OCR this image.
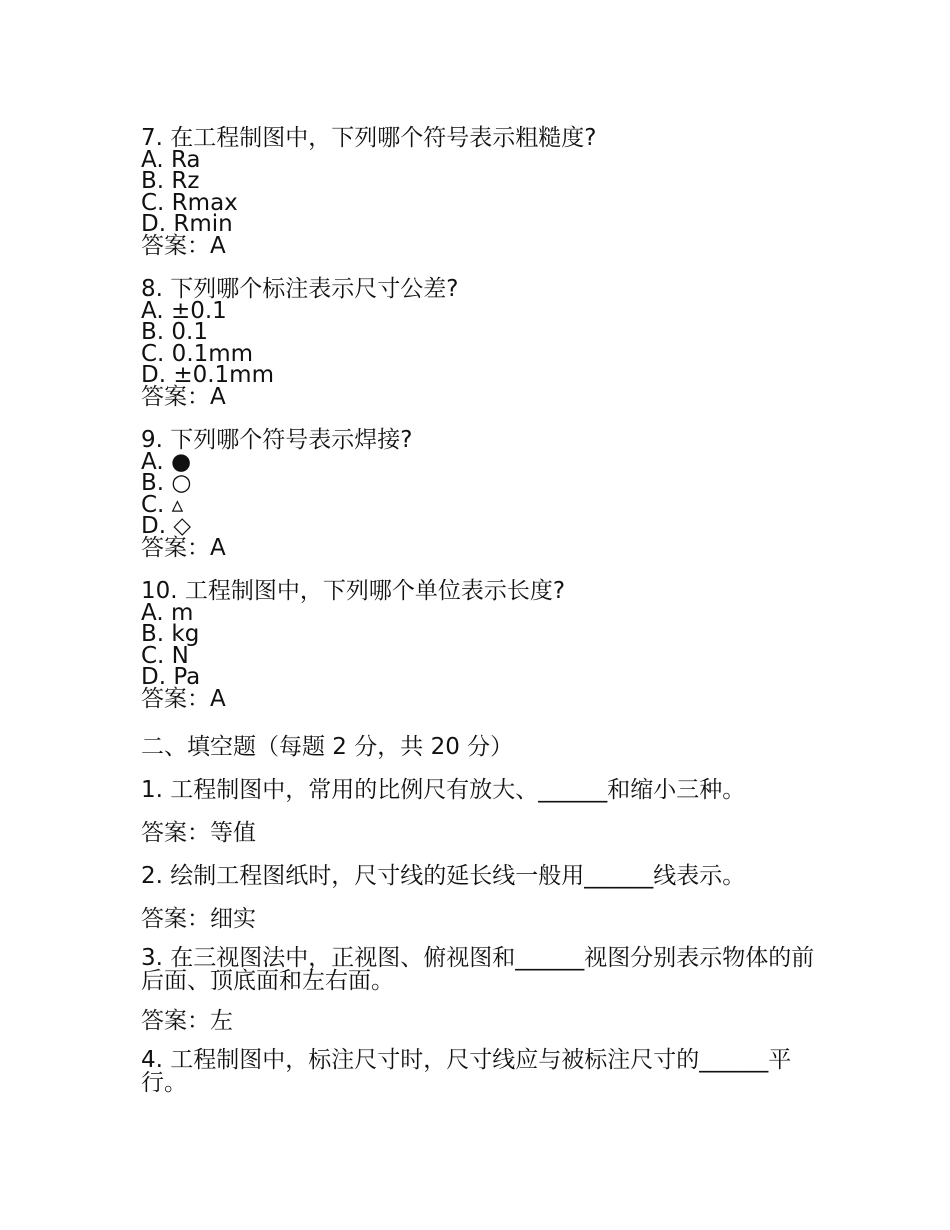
7. 在工程制图中，下列哪个符号表示粗糙度?
A. Ra
B. Rz
C. Rmax
D. Rmin
答案：A
8. 下列哪个标注表示尺寸公差?
A. ±0.1
B. 0.1
C. 0.1mm
D. ±0.1mm
答案：A
9. 下列哪个符号表示焊接?
A. ●
B. ○
C. ▵
D. ◇
答案：A
10. 工程制图中，下列哪个单位表示长度?
A. m
B. kg
C. N
D. Pa
答案：A
二、填空题（每题 2 分，共 20 分）
1. 工程制图中，常用的比例尺有放大、______和缩小三种。
答案：等值
2. 绘制工程图纸时，尺寸线的延长线一般用______线表示。
答案：细实
3. 在三视图法中，正视图、俯视图和______视图分别表示物体的前后面、顶底面和左右面。
答案：左
4. 工程制图中，标注尺寸时，尺寸线应与被标注尺寸的______平行。
